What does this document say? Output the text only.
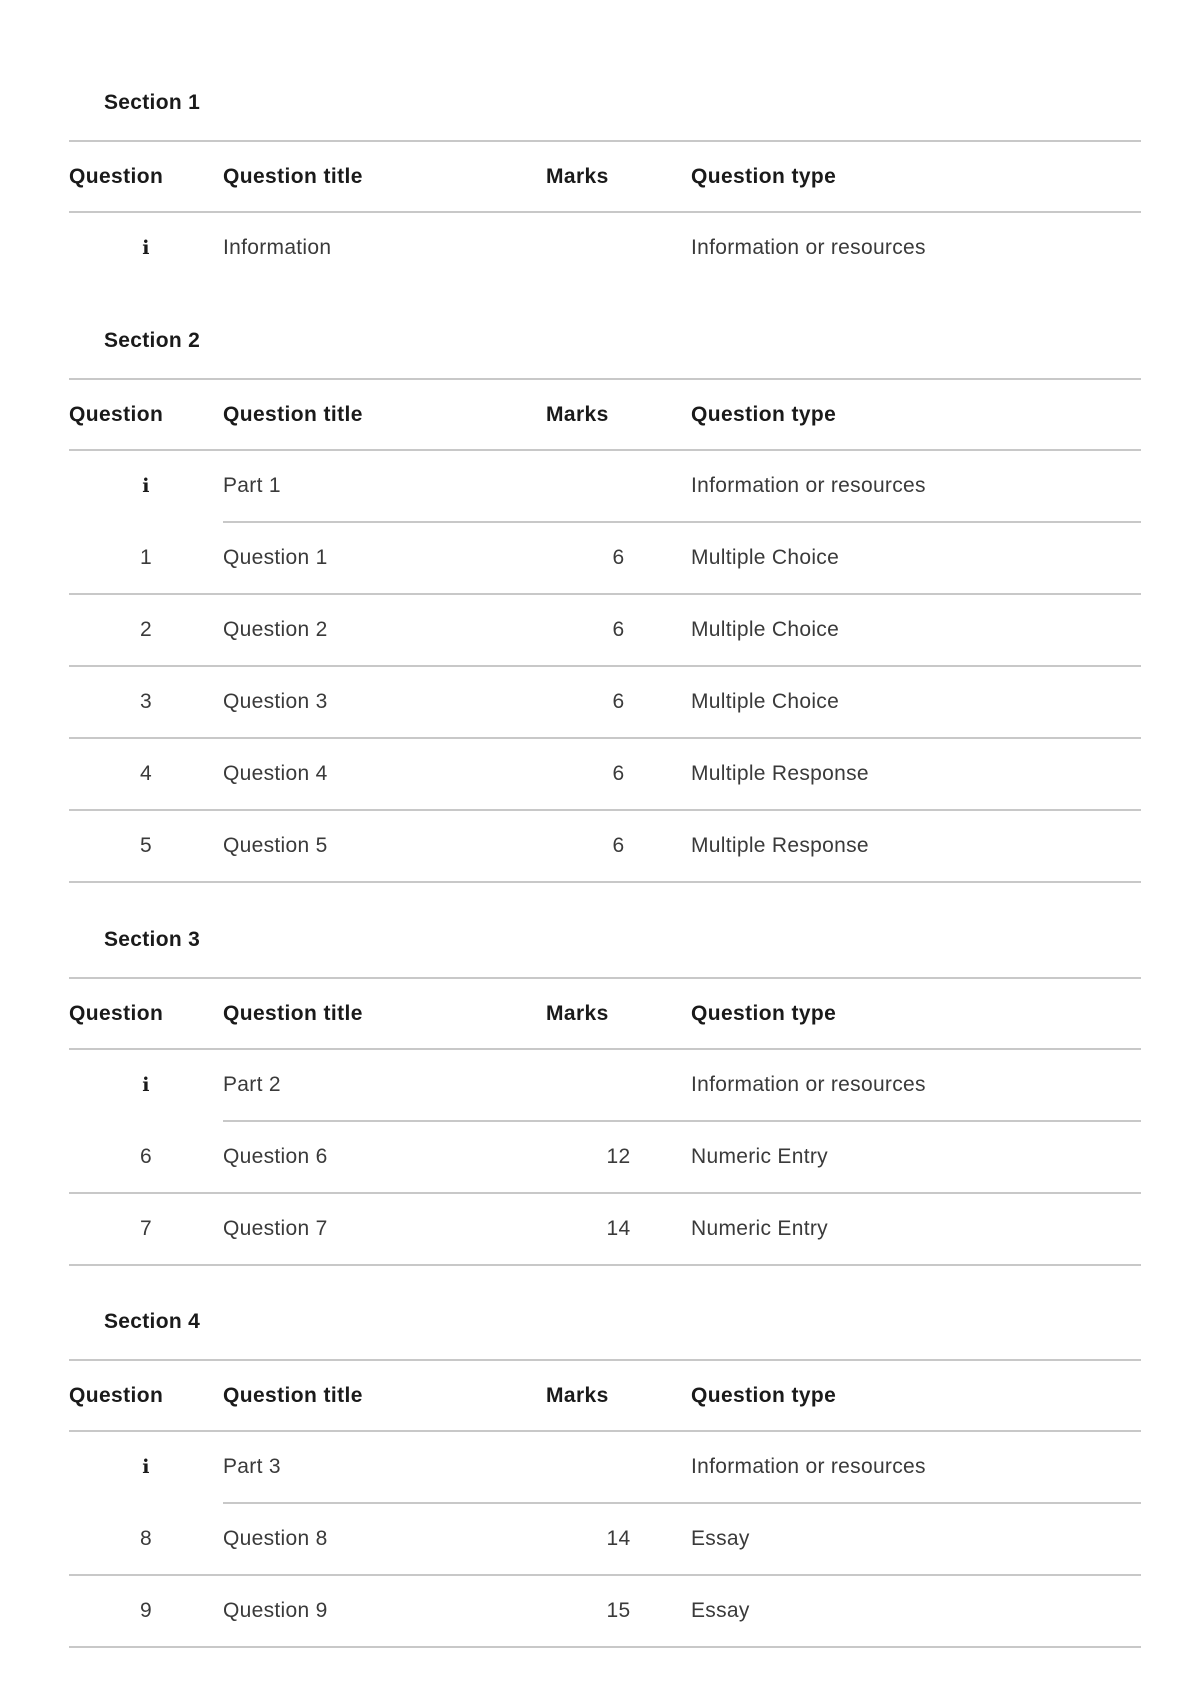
Section 1
Question	Question title	Marks	Question type
i	Information		Information or resources
Section 2
Question	Question title	Marks	Question type
i	Part 1		Information or resources
1	Question 1	6	Multiple Choice
2	Question 2	6	Multiple Choice
3	Question 3	6	Multiple Choice
4	Question 4	6	Multiple Response
5	Question 5	6	Multiple Response
Section 3
Question	Question title	Marks	Question type
i	Part 2		Information or resources
6	Question 6	12	Numeric Entry
7	Question 7	14	Numeric Entry
Section 4
Question	Question title	Marks	Question type
i	Part 3		Information or resources
8	Question 8	14	Essay
9	Question 9	15	Essay
